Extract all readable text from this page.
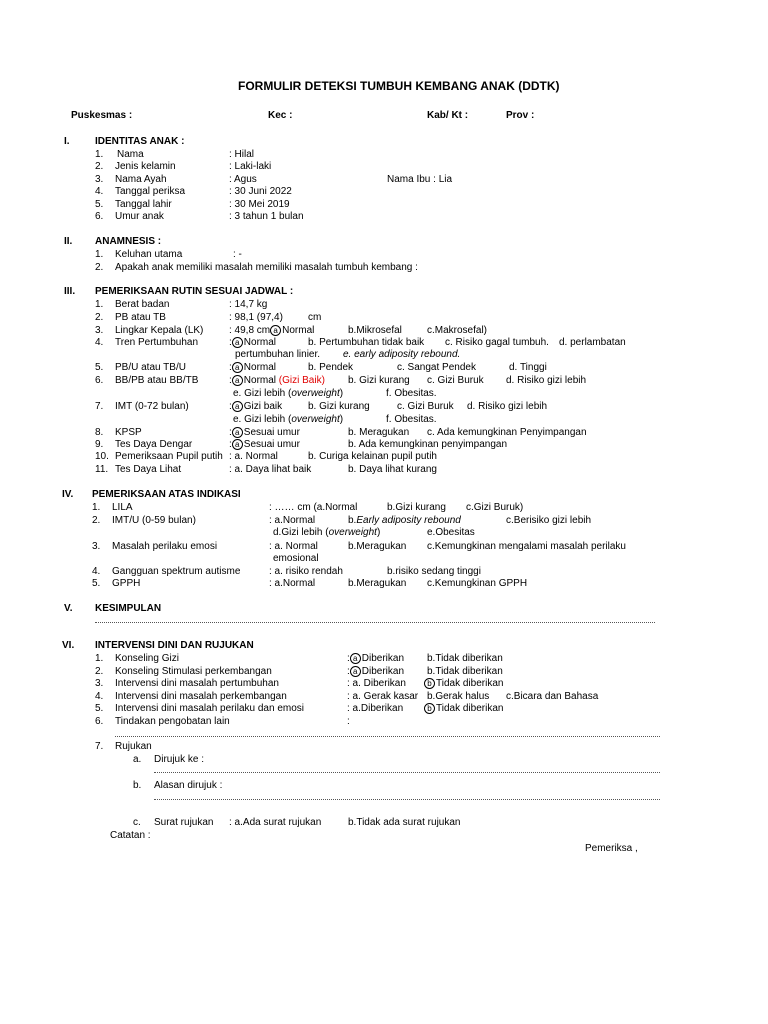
FORMULIR DETEKSI TUMBUH KEMBANG ANAK (DDTK)
Puskesmas :	Kec :	Kab/ Kt :	Prov :
I.	IDENTITAS ANAK :
1. Nama	: Hilal
2. Jenis kelamin	: Laki-laki
3. Nama Ayah	: Agus	Nama Ibu : Lia
4. Tanggal periksa	: 30 Juni 2022
5. Tanggal lahir	: 30 Mei 2019
6. Umur anak	: 3 tahun 1 bulan
II. ANAMNESIS :
1. Keluhan utama	: -
2. Apakah anak memiliki masalah memiliki masalah tumbuh kembang :
III. PEMERIKSAAN RUTIN SESUAI JADWAL :
1. Berat badan	: 14,7 kg
2. PB atau TB	: 98,1 (97,4)	cm
3. Lingkar Kepala (LK)	: 49,8 cm a Normal	b.Mikrosefal	c.Makrosefal)
4. Tren Pertumbuhan	: a Normal	b. Pertumbuhan tidak baik c. Risiko gagal tumbuh. d. perlambatan
pertumbuhan linier. e. early adiposity rebound.
5. PB/U atau TB/U	: a Normal	b. Pendek	c. Sangat Pendek	d. Tinggi
6. BB/PB atau BB/TB	: a Normal (Gizi Baik) b. Gizi kurang c. Gizi Buruk d. Risiko gizi lebih
e. Gizi lebih (overweight)	f. Obesitas.
7. IMT (0-72 bulan)	: a Gizi baik	b. Gizi kurang	c. Gizi Buruk d. Risiko gizi lebih
e. Gizi lebih (overweight)	f. Obesitas.
8. KPSP	: a Sesuai umur	b. Meragukan c. Ada kemungkinan Penyimpangan
9. Tes Daya Dengar	: a Sesuai umur	b. Ada kemungkinan penyimpangan
10. Pemeriksaan Pupil putih : a. Normal	b. Curiga kelainan pupil putih
11. Tes Daya Lihat	: a. Daya lihat baik	b. Daya lihat kurang
IV. PEMERIKSAAN ATAS INDIKASI
1. LILA	: …… cm (a.Normal	b.Gizi kurang c.Gizi Buruk)
2. IMT/U (0-59 bulan)	: a.Normal	b.Early adiposity rebound	c.Berisiko gizi lebih
d.Gizi lebih (overweight)	e.Obesitas
3. Masalah perilaku emosi	: a. Normal	b.Meragukan c.Kemungkinan mengalami masalah perilaku
emosional
4. Gangguan spektrum autisme	: a. risiko rendah	b.risiko sedang tinggi
5. GPPH	: a.Normal	b.Meragukan c.Kemungkinan GPPH
V. KESIMPULAN
VI. INTERVENSI DINI DAN RUJUKAN
1. Konseling Gizi	: a Diberikan b.Tidak diberikan
2. Konseling Stimulasi perkembangan	: a Diberikan b.Tidak diberikan
3. Intervensi dini masalah pertumbuhan	: a. Diberikan	b Tidak diberikan
4. Intervensi dini masalah perkembangan	: a. Gerak kasar b.Gerak halus c.Bicara dan Bahasa
5. Intervensi dini masalah perilaku dan emosi	: a.Diberikan	b Tidak diberikan
6. Tindakan pengobatan lain	:
7. Rujukan
a. Dirujuk ke :
b. Alasan dirujuk :
c. Surat rujukan : a.Ada surat rujukan	b.Tidak ada surat rujukan
Catatan :
Pemeriksa ,
